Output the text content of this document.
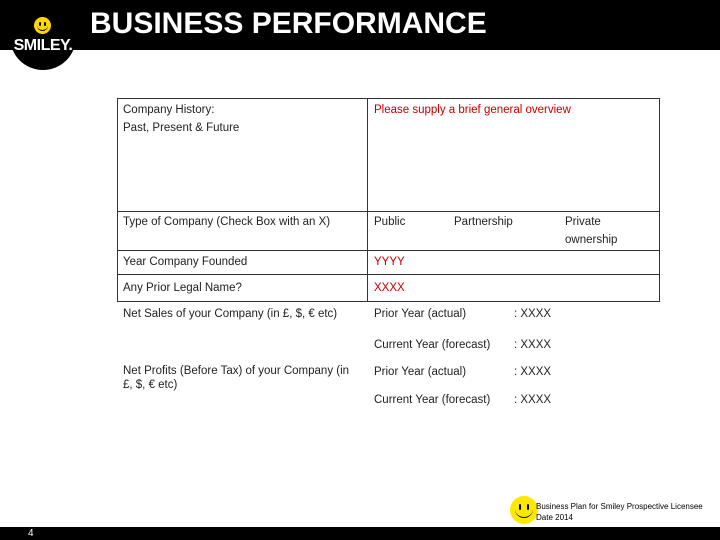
SMILEY.
BUSINESS PERFORMANCE
Company History:
Past, Present & Future
Please supply a brief general overview
Type of Company (Check Box with an X)	Public	Partnership	Private
ownership
Year Company Founded	YYYY
Any Prior Legal Name?	XXXX
Net Sales of your Company (in £, $, € etc)	Prior Year (actual)	: XXXX
Current Year (forecast) : XXXX
Net Profits (Before Tax) of your Company (in
£, $, € etc)
Prior Year (actual)	: XXXX
Current Year (forecast) : XXXX
Business Plan for Smiley Prospective Licensee
Date 2014
4
